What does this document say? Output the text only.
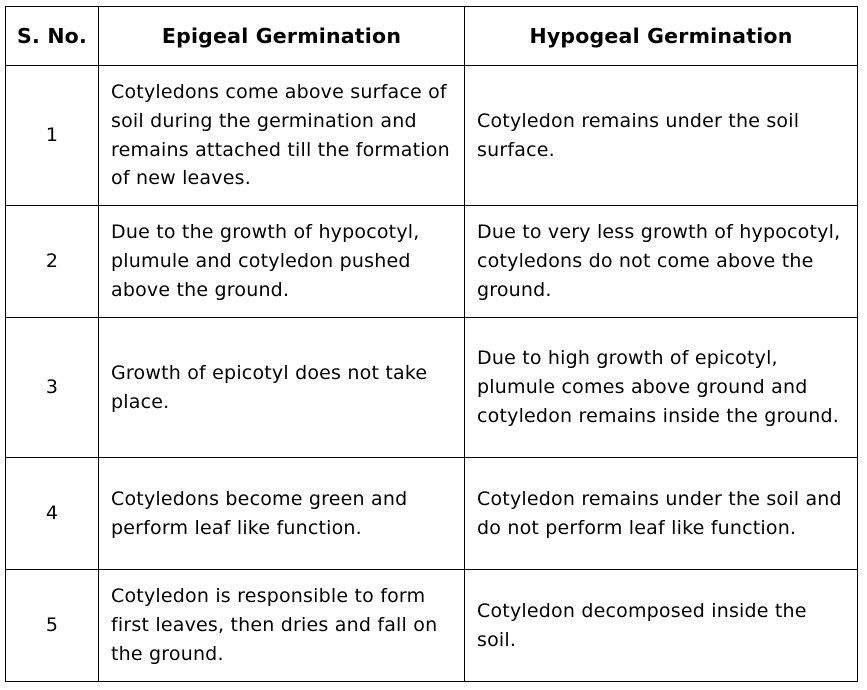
S. No.	Epigeal Germination	Hypogeal Germination
1	Cotyledons come above surface of soil during the germination and remains attached till the formation of new leaves.	Cotyledon remains under the soil surface.
2	Due to the growth of hypocotyl, plumule and cotyledon pushed above the ground.	Due to very less growth of hypocotyl, cotyledons do not come above the ground.
3	Growth of epicotyl does not take place.	Due to high growth of epicotyl, plumule comes above ground and cotyledon remains inside the ground.
4	Cotyledons become green and perform leaf like function.	Cotyledon remains under the soil and do not perform leaf like function.
5	Cotyledon is responsible to form first leaves, then dries and fall on the ground.	Cotyledon decomposed inside the soil.
